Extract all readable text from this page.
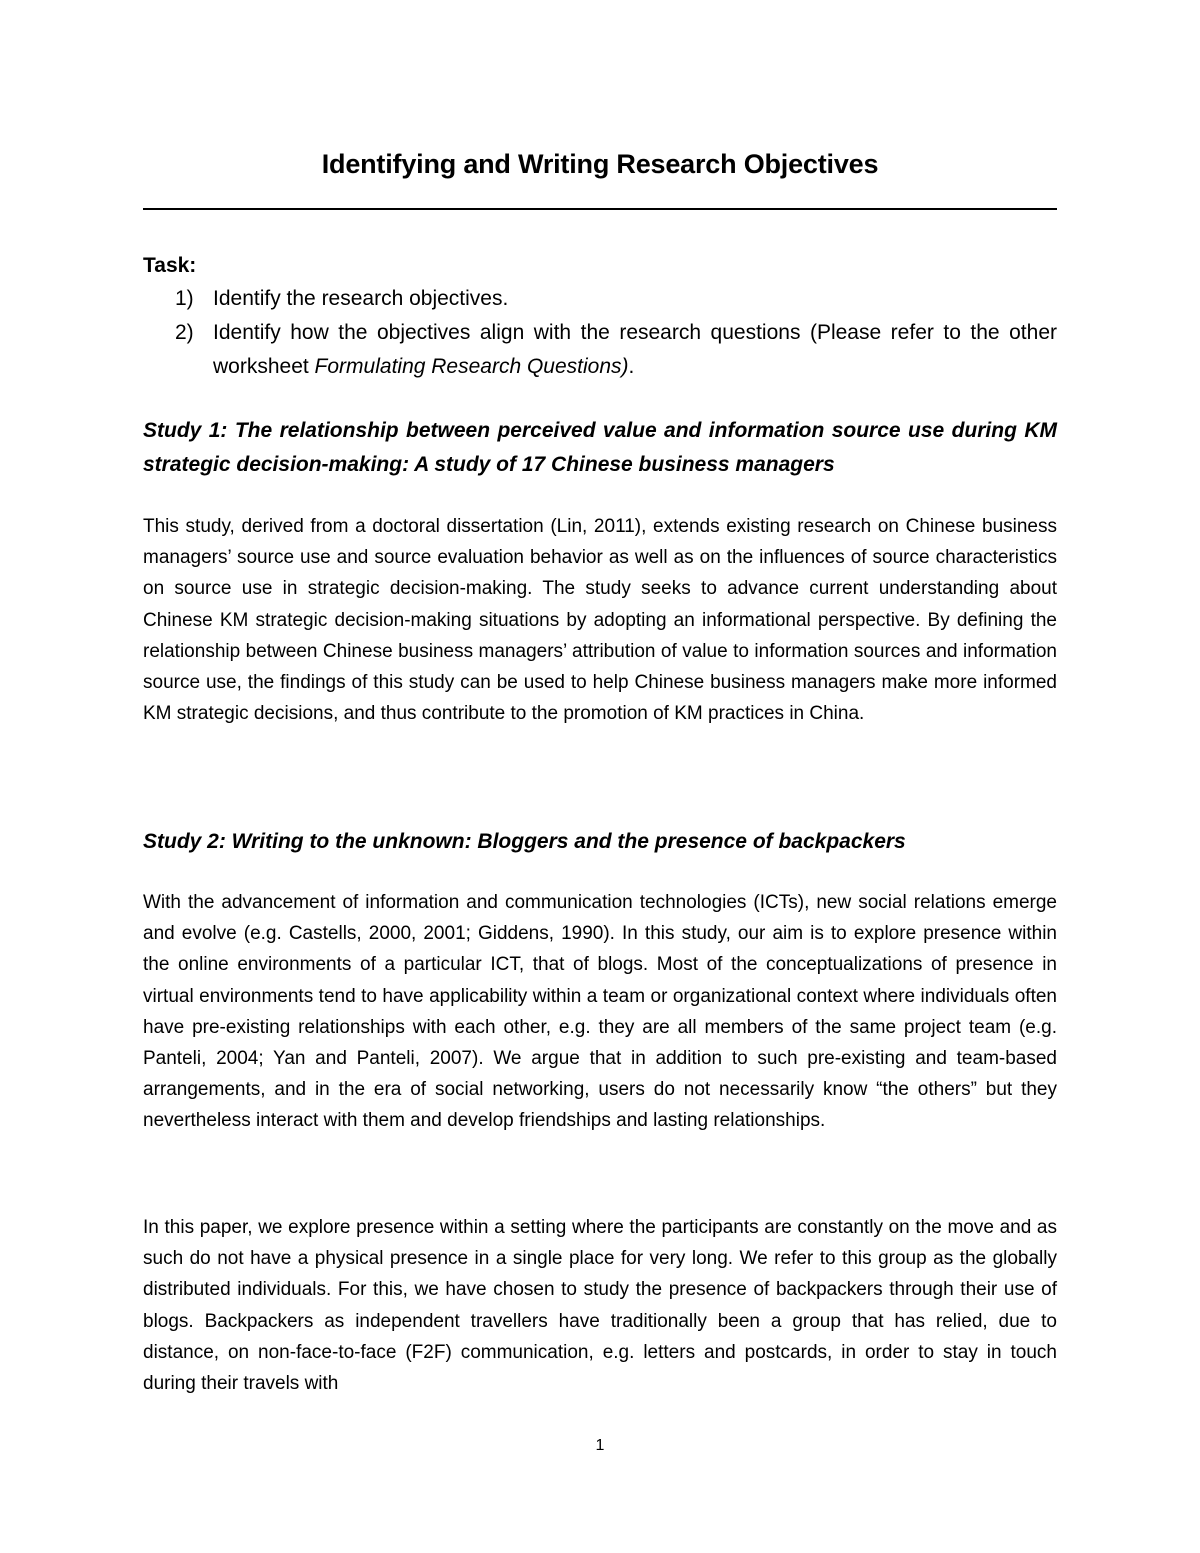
Identifying and Writing Research Objectives
Task:
1) Identify the research objectives.
2) Identify how the objectives align with the research questions (Please refer to the other worksheet Formulating Research Questions).
Study 1: The relationship between perceived value and information source use during KM strategic decision-making: A study of 17 Chinese business managers

This study, derived from a doctoral dissertation (Lin, 2011), extends existing research on Chinese business managers’ source use and source evaluation behavior as well as on the influences of source characteristics on source use in strategic decision-making. The study seeks to advance current understanding about Chinese KM strategic decision-making situations by adopting an informational perspective. By defining the relationship between Chinese business managers’ attribution of value to information sources and information source use, the findings of this study can be used to help Chinese business managers make more informed KM strategic decisions, and thus contribute to the promotion of KM practices in China.

Study 2: Writing to the unknown: Bloggers and the presence of backpackers

With the advancement of information and communication technologies (ICTs), new social relations emerge and evolve (e.g. Castells, 2000, 2001; Giddens, 1990). In this study, our aim is to explore presence within the online environments of a particular ICT, that of blogs. Most of the conceptualizations of presence in virtual environments tend to have applicability within a team or organizational context where individuals often have pre-existing relationships with each other, e.g. they are all members of the same project team (e.g. Panteli, 2004; Yan and Panteli, 2007). We argue that in addition to such pre-existing and team-based arrangements, and in the era of social networking, users do not necessarily know “the others” but they nevertheless interact with them and develop friendships and lasting relationships.

In this paper, we explore presence within a setting where the participants are constantly on the move and as such do not have a physical presence in a single place for very long. We refer to this group as the globally distributed individuals. For this, we have chosen to study the presence of backpackers through their use of blogs. Backpackers as independent travellers have traditionally been a group that has relied, due to distance, on non-face-to-face (F2F) communication, e.g. letters and postcards, in order to stay in touch during their travels with

1
